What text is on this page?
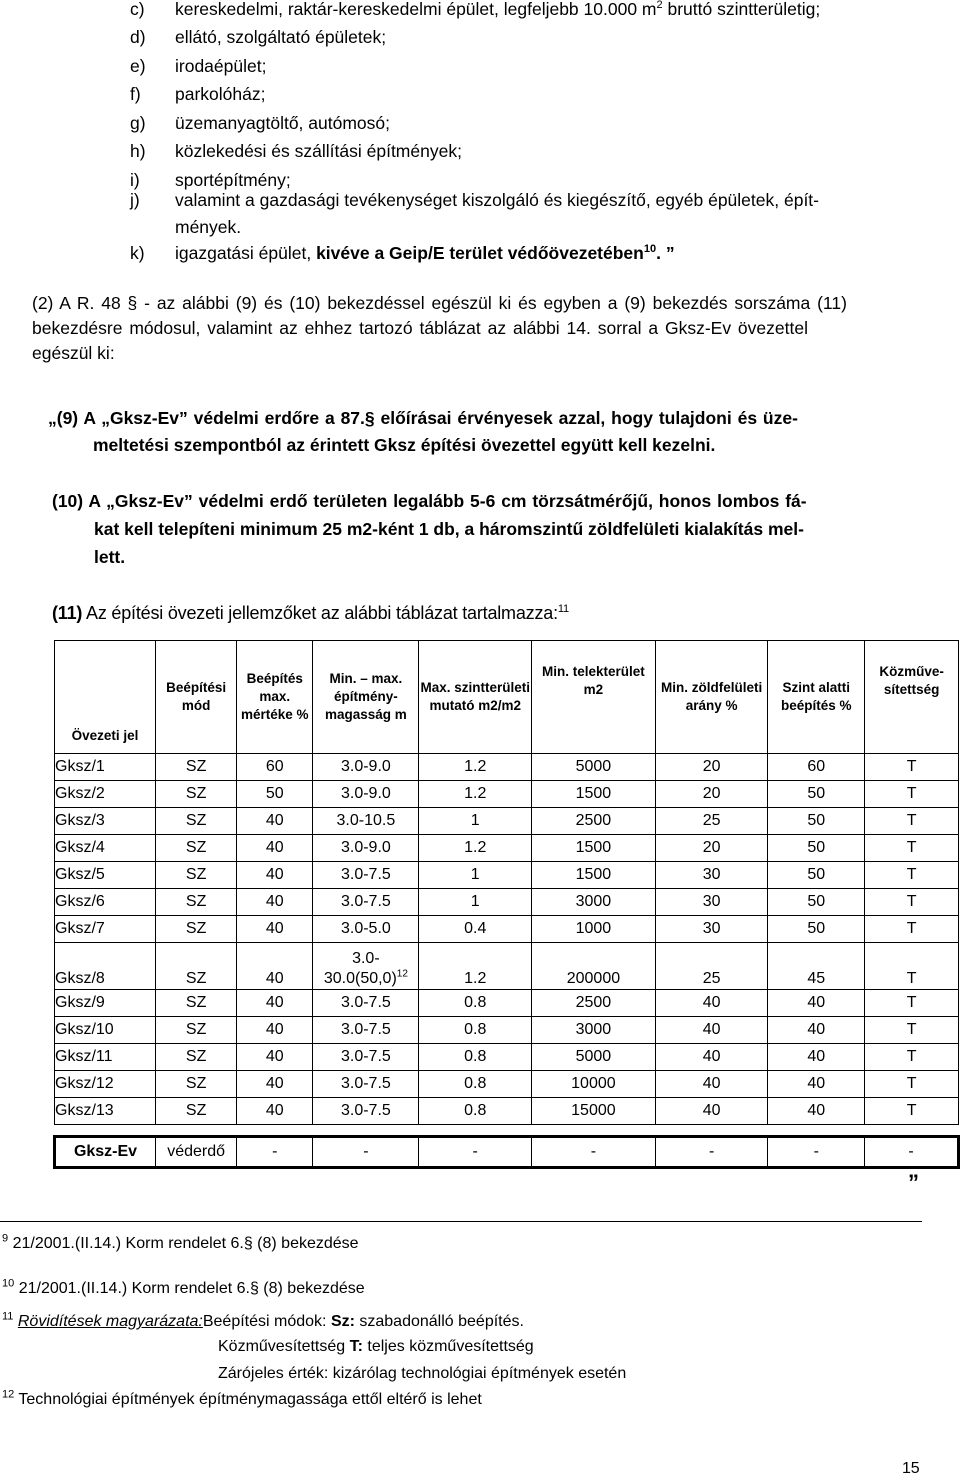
c) kereskedelmi, raktár-kereskedelmi épület, legfeljebb 10.000 $m^2$ bruttó szintterületig;
d) ellátó, szolgáltató épületek;
e) irodaépület;
f) parkolóház;
g) üzemanyagtöltő, autómosó;
h) közlekedési és szállítási építmények;
i) sportépítmény;
j) valamint a gazdasági tevékenységet kiszolgáló és kiegészítő, egyéb épületek, épít-
mények.
k) igazgatási épület, kivéve a Geip/E terület védőövezetében$^{10}$. ”
(2) A R. 48 § - az alábbi (9) és (10) bekezdéssel egészül ki és egyben a (9) bekezdés sorszáma (11)
bekezdésre módosul, valamint az ehhez tartozó táblázat az alábbi 14. sorral a Gksz-Ev övezettel
egészül ki:
„(9) A „Gksz-Ev” védelmi erdőre a 87.§ előírásai érvényesek azzal, hogy tulajdoni és üze-
meltetési szempontból az érintett Gksz építési övezettel együtt kell kezelni.
(10) A „Gksz-Ev” védelmi erdő területen legalább 5-6 cm törzsátmérőjű, honos lombos fá-
kat kell telepíteni minimum 25 m2-ként 1 db, a háromszintű zöldfelületi kialakítás mel-
lett.
(11) Az építési övezeti jellemzőket az alábbi táblázat tartalmazza:$^{11}$
Övezeti jel	Beépítési mód	Beépítés max. mértéke %	Min. – max. építmény-magasság m	Max. szintterületi mutató m2/m2	Min. telekterület m2	Min. zöldfelületi arány %	Szint alatti beépítés %	Közműve-sítettség
Gksz/1	SZ	60	3.0-9.0	1.2	5000	20	60	T
Gksz/2	SZ	50	3.0-9.0	1.2	1500	20	50	T
Gksz/3	SZ	40	3.0-10.5	1	2500	25	50	T
Gksz/4	SZ	40	3.0-9.0	1.2	1500	20	50	T
Gksz/5	SZ	40	3.0-7.5	1	1500	30	50	T
Gksz/6	SZ	40	3.0-7.5	1	3000	30	50	T
Gksz/7	SZ	40	3.0-5.0	0.4	1000	30	50	T
Gksz/8	SZ	40	3.0-
$30.0(50,0)^{12}$	1.2	200000	25	45	T
Gksz/9	SZ	40	3.0-7.5	0.8	2500	40	40	T
Gksz/10	SZ	40	3.0-7.5	0.8	3000	40	40	T
Gksz/11	SZ	40	3.0-7.5	0.8	5000	40	40	T
Gksz/12	SZ	40	3.0-7.5	0.8	10000	40	40	T
Gksz/13	SZ	40	3.0-7.5	0.8	15000	40	40	T

Gksz-Ev	véderdő	-	-	-	-	-	-	-
”
$^9$ 21/2001.(II.14.) Korm rendelet 6.§ (8) bekezdése
$^{10}$ 21/2001.(II.14.) Korm rendelet 6.§ (8) bekezdése
$^{11}$ Rövidítések magyarázata:Beépítési módok: Sz: szabadonálló beépítés.
Közművesítettség T: teljes közművesítettség
Zárójeles érték: kizárólag technológiai építmények esetén
$^{12}$ Technológiai építmények építménymagassága ettől eltérő is lehet
15
